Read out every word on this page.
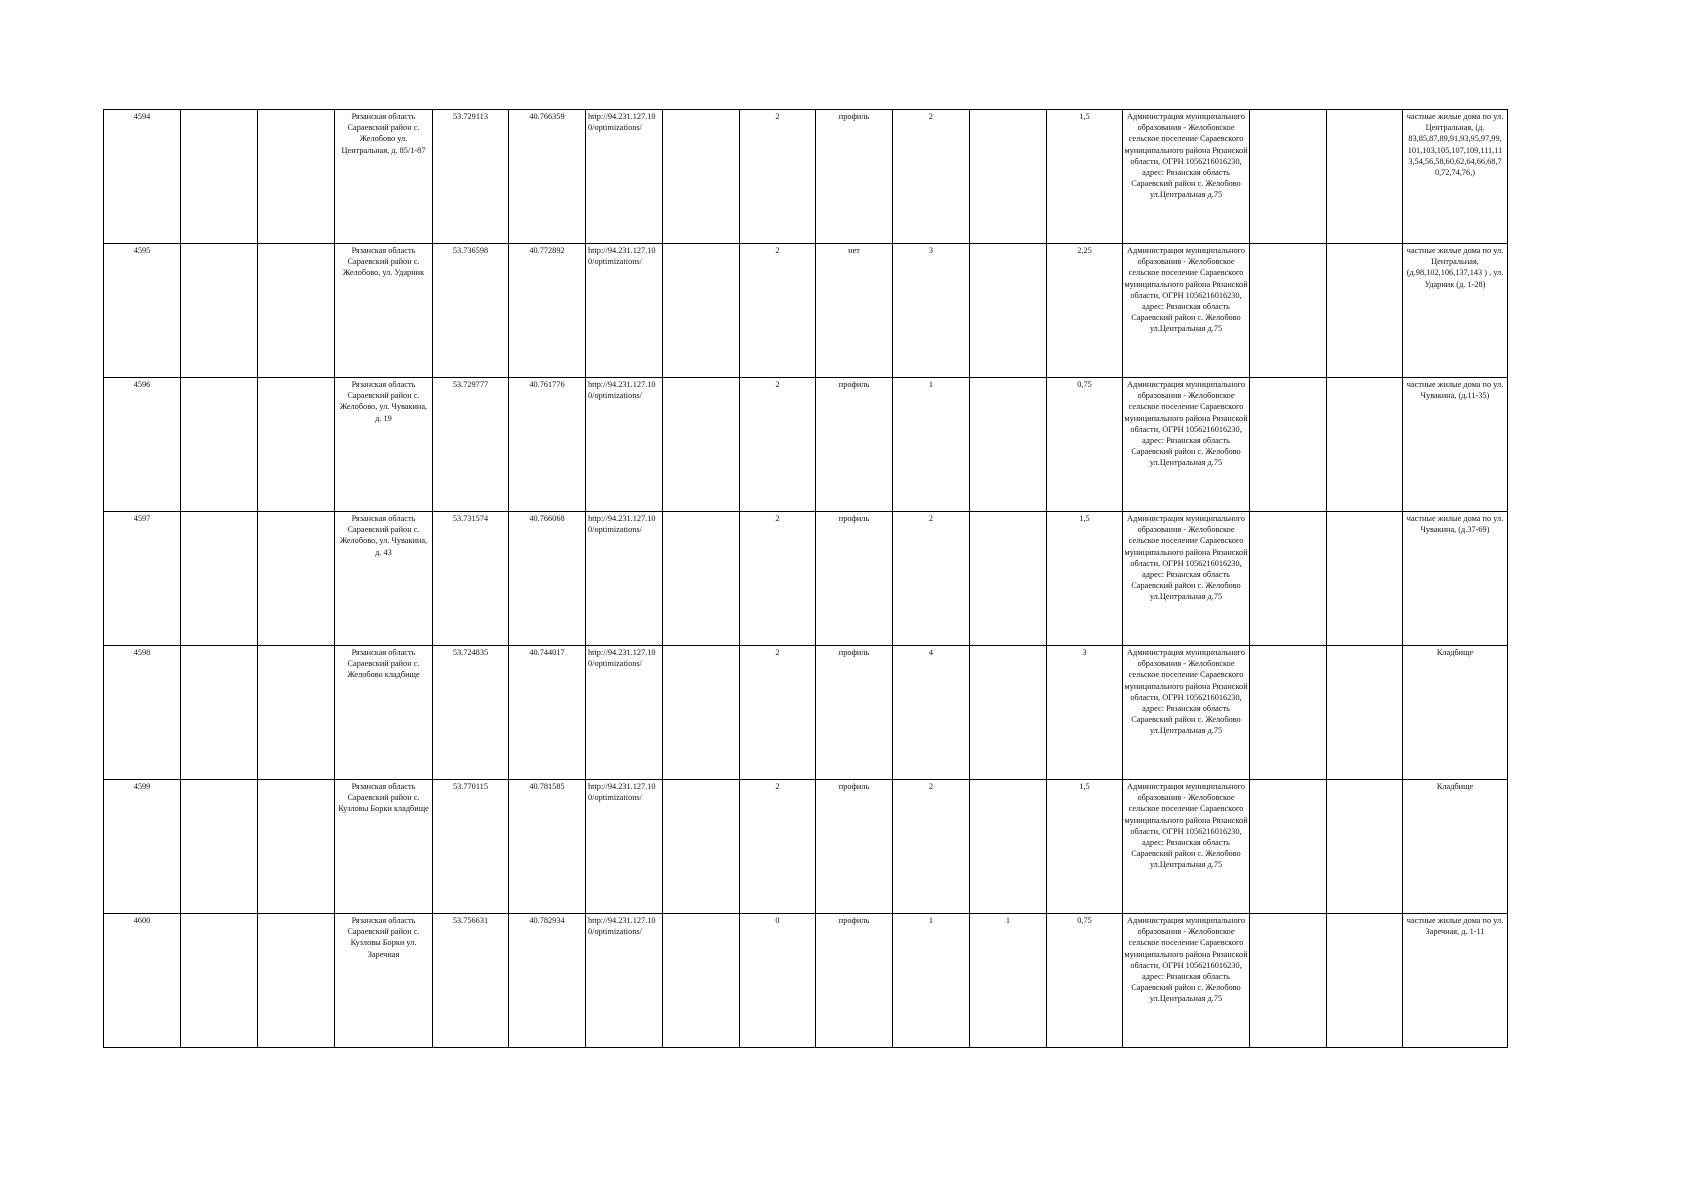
4594			Рязанская область Сараевский район с. Желобово ул. Центральная, д. 85/1-87	53.729113	40.766359	http://94.231.127.100/optimizations/		2	профиль	2		1,5	Администрация муниципального образования - Желобовское сельское поселение Сараевского муниципального района Рязанской области, ОГРН 1056216016230, адрес: Рязанская область Сараевский район с. Желобово ул.Центральная д.75			частные жилые дома по ул. Центральная, (д. 83,85,87,89,91,93,95,97,99, 101,103,105,107,109,111,11 3,54,56,58,60,62,64,66,68,7 0,72,74,76,)
4595			Рязанская область Сараевский район с. Желобово, ул. Ударник	53.736598	40.772892	http://94.231.127.100/optimizations/		2	нет	3		2,25	Администрация муниципального образования - Желобовское сельское поселение Сараевского муниципального района Рязанской области, ОГРН 1056216016230, адрес: Рязанская область Сараевский район с. Желобово ул.Центральная д.75			частные жилые дома по ул. Центральная, (д.98,102,106,137,143 ) , ул. Ударник (д. 1-28)
4596			Рязанская область Сараевский район с. Желобово, ул. Чувакина, д. 19	53.729777	40.761776	http://94.231.127.100/optimizations/		2	профиль	1		0,75	Администрация муниципального образования - Желобовское сельское поселение Сараевского муниципального района Рязанской области, ОГРН 1056216016230, адрес: Рязанская область Сараевский район с. Желобово ул.Центральная д.75			частные жилые дома по ул. Чувакина, (д.11-35)
4597			Рязанская область Сараевский район с. Желобово, ул. Чувакина, д. 43	53.731574	40.766068	http://94.231.127.100/optimizations/		2	профиль	2		1,5	Администрация муниципального образования - Желобовское сельское поселение Сараевского муниципального района Рязанской области, ОГРН 1056216016230, адрес: Рязанская область Сараевский район с. Желобово ул.Центральная д.75			частные жилые дома по ул. Чувакина, (д.37-69)
4598			Рязанская область Сараевский район с. Желобово кладбище	53.724835	40.744017	http://94.231.127.100/optimizations/		2	профиль	4		3	Администрация муниципального образования - Желобовское сельское поселение Сараевского муниципального района Рязанской области, ОГРН 1056216016230, адрес: Рязанская область Сараевский район с. Желобово ул.Центральная д.75			Кладбище
4599			Рязанская область Сараевский район с. Кузловы Борки кладбище	53.770115	40.781585	http://94.231.127.100/optimizations/		2	профиль	2		1,5	Администрация муниципального образования - Желобовское сельское поселение Сараевского муниципального района Рязанской области, ОГРН 1056216016230, адрес: Рязанская область Сараевский район с. Желобово ул.Центральная д.75			Кладбище
4600			Рязанская область Сараевский район с. Кузловы Борки ул. Заречная	53.756631	40.782934	http://94.231.127.100/optimizations/		0	профиль	1	1	0,75	Администрация муниципального образования - Желобовское сельское поселение Сараевского муниципального района Рязанской области, ОГРН 1056216016230, адрес: Рязанская область Сараевский район с. Желобово ул.Центральная д.75			частные жилые дома по ул. Заречная, д. 1-11
